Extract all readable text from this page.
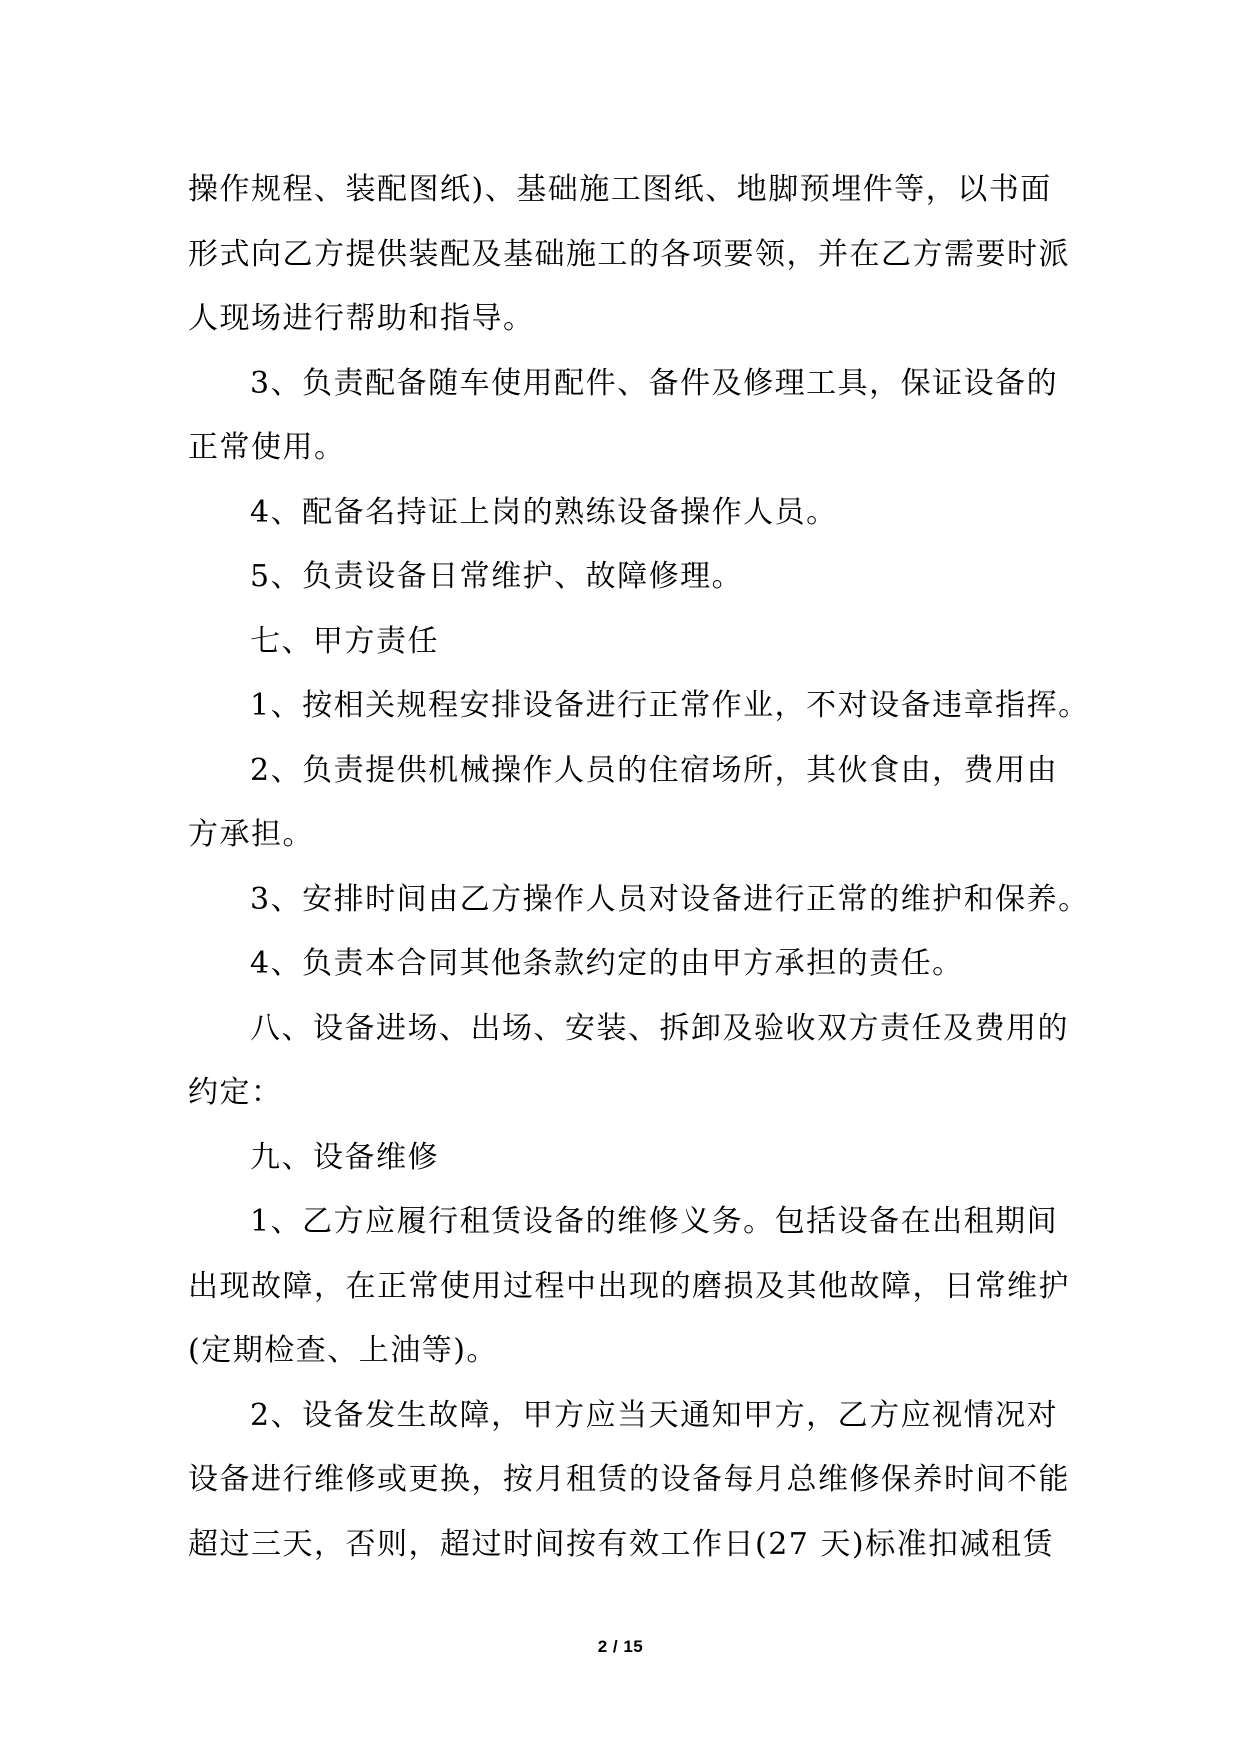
操作规程、装配图纸)、基础施工图纸、地脚预埋件等，以书面
形式向乙方提供装配及基础施工的各项要领，并在乙方需要时派
人现场进行帮助和指导。
3、负责配备随车使用配件、备件及修理工具，保证设备的
正常使用。
4、配备名持证上岗的熟练设备操作人员。
5、负责设备日常维护、故障修理。
七、甲方责任
1、按相关规程安排设备进行正常作业，不对设备违章指挥。
2、负责提供机械操作人员的住宿场所，其伙食由，费用由
方承担。
3、安排时间由乙方操作人员对设备进行正常的维护和保养。
4、负责本合同其他条款约定的由甲方承担的责任。
八、设备进场、出场、安装、拆卸及验收双方责任及费用的
约定：
九、设备维修
1、乙方应履行租赁设备的维修义务。包括设备在出租期间
出现故障，在正常使用过程中出现的磨损及其他故障，日常维护
(定期检查、上油等)。
2、设备发生故障，甲方应当天通知甲方，乙方应视情况对
设备进行维修或更换，按月租赁的设备每月总维修保养时间不能
超过三天，否则，超过时间按有效工作日(27 天)标准扣减租赁
2 / 15
